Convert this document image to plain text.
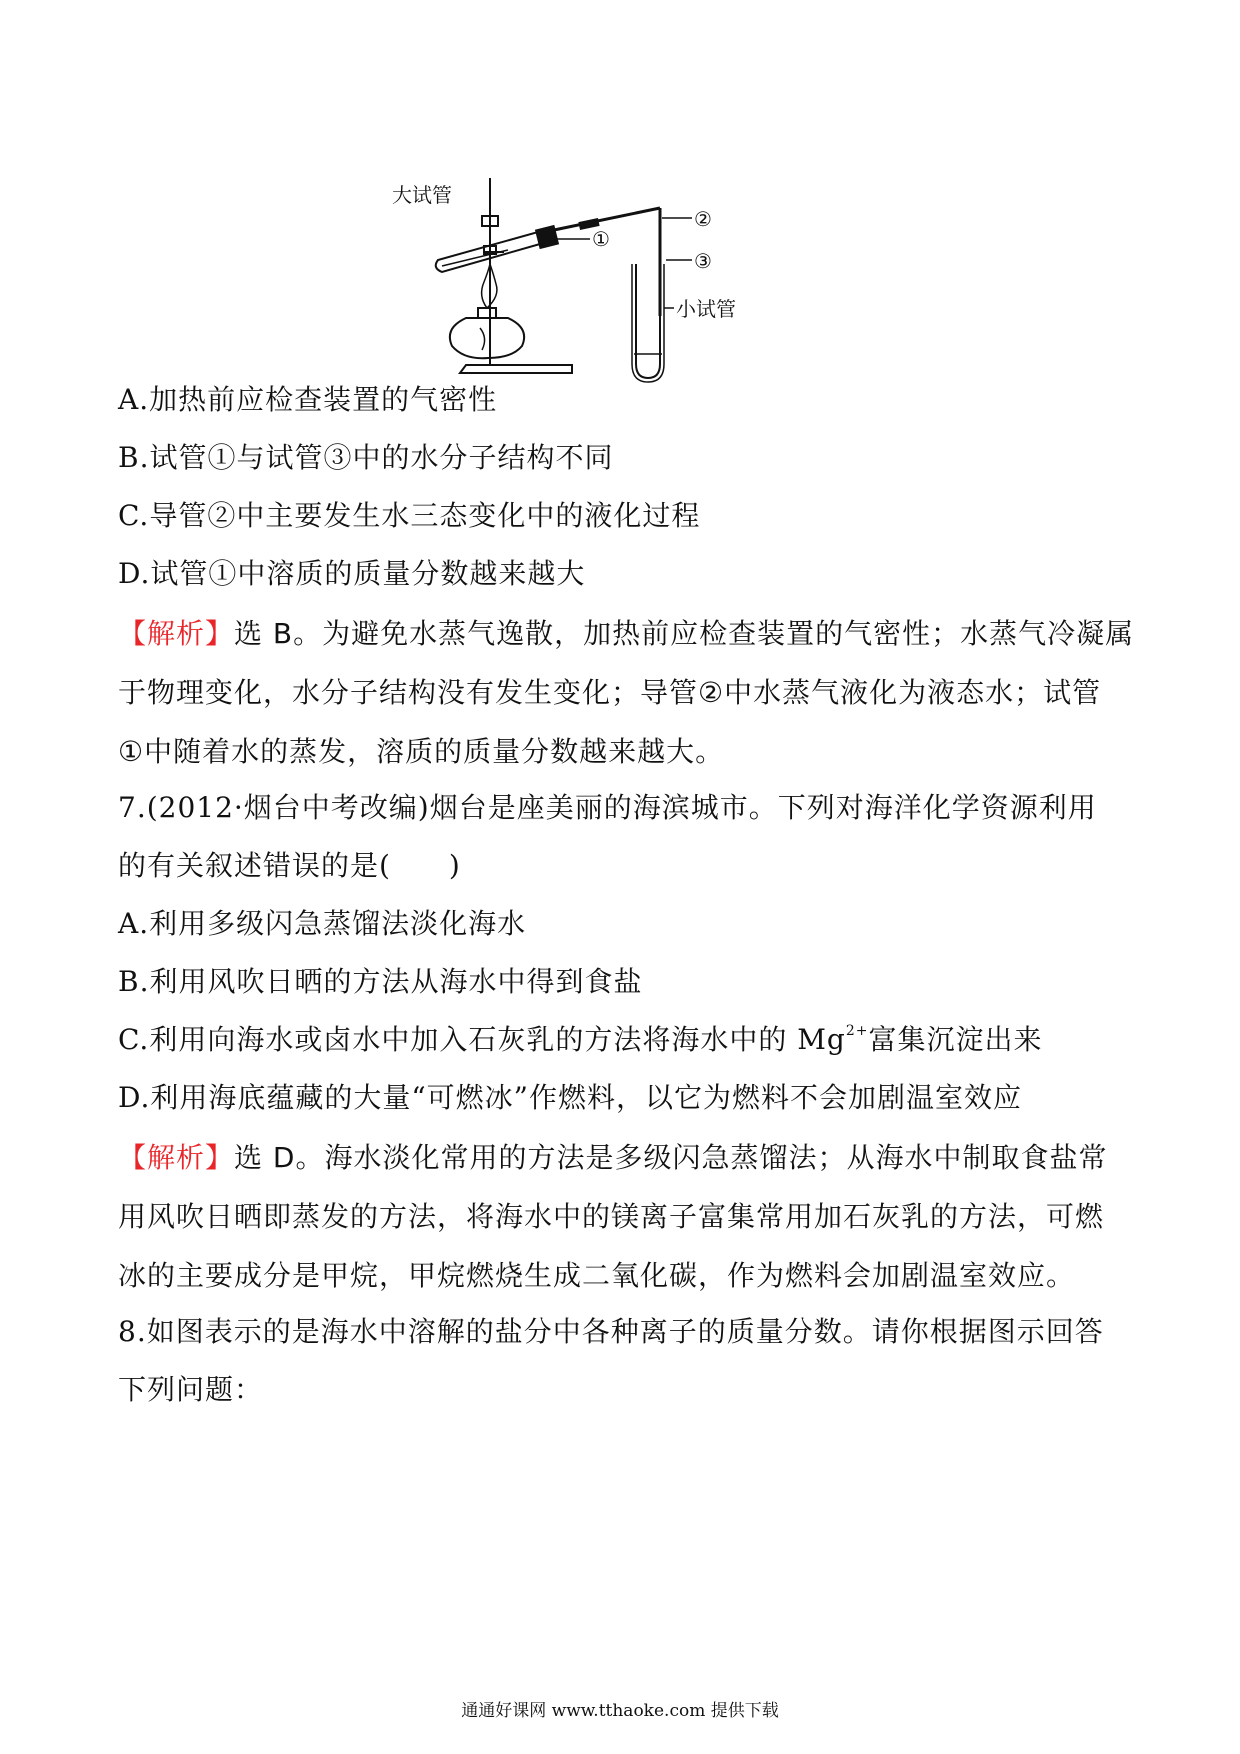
大试管
①
②
③
小试管
A.加热前应检查装置的气密性
B.试管①与试管③中的水分子结构不同
C.导管②中主要发生水三态变化中的液化过程
D.试管①中溶质的质量分数越来越大
【解析】选 B。为避免水蒸气逸散，加热前应检查装置的气密性；水蒸气冷凝属
于物理变化，水分子结构没有发生变化；导管②中水蒸气液化为液态水；试管
①中随着水的蒸发，溶质的质量分数越来越大。
7.(2012·烟台中考改编)烟台是座美丽的海滨城市。下列对海洋化学资源利用
的有关叙述错误的是(　　)
A.利用多级闪急蒸馏法淡化海水
B.利用风吹日晒的方法从海水中得到食盐
C.利用向海水或卤水中加入石灰乳的方法将海水中的 $Mg^{2+}$富集沉淀出来
D.利用海底蕴藏的大量“可燃冰”作燃料，以它为燃料不会加剧温室效应
【解析】选 D。海水淡化常用的方法是多级闪急蒸馏法；从海水中制取食盐常
用风吹日晒即蒸发的方法，将海水中的镁离子富集常用加石灰乳的方法，可燃
冰的主要成分是甲烷，甲烷燃烧生成二氧化碳，作为燃料会加剧温室效应。
8.如图表示的是海水中溶解的盐分中各种离子的质量分数。请你根据图示回答
下列问题：
通通好课网 www.tthaoke.com 提供下载
